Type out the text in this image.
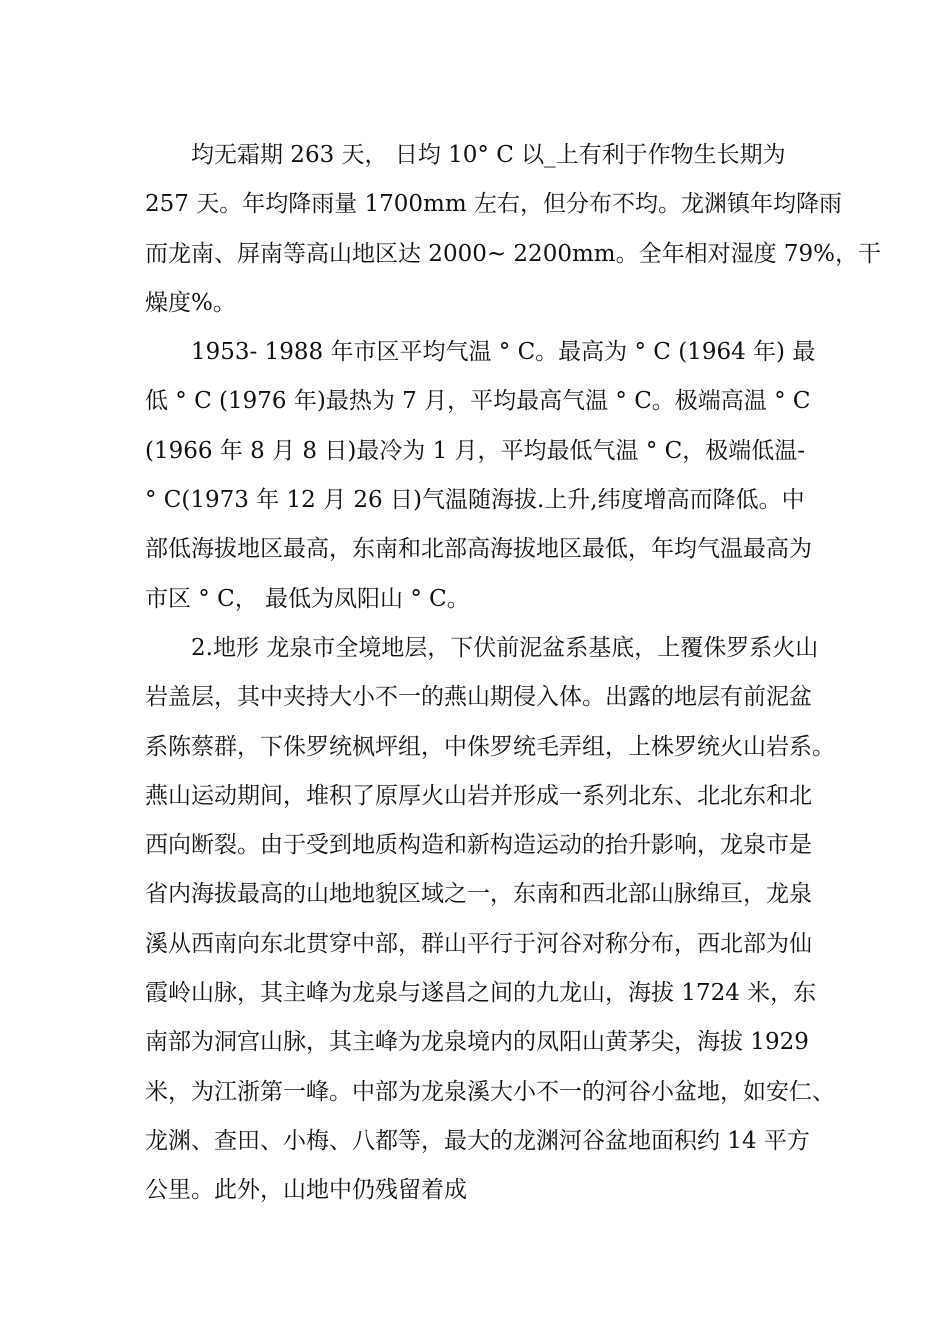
均无霜期 263 天， 日均 10° C 以_上有利于作物生长期为
257 天。年均降雨量 1700mm 左右，但分布不均。龙渊镇年均降雨
而龙南、屏南等高山地区达 2000~ 2200mm。全年相对湿度 79%，干
燥度%。
1953- 1988 年市区平均气温 ° C。最高为 ° C (1964 年) 最
低 ° C (1976 年)最热为 7 月，平均最高气温 ° C。极端高温 ° C
(1966 年 8 月 8 日)最冷为 1 月，平均最低气温 ° C，极端低温-
° C(1973 年 12 月 26 日)气温随海拔.上升,纬度增高而降低。中
部低海拔地区最高，东南和北部高海拔地区最低，年均气温最高为
市区 ° C， 最低为凤阳山 ° C。
2.地形 龙泉市全境地层，下伏前泥盆系基底，上覆侏罗系火山
岩盖层，其中夹持大小不一的燕山期侵入体。出露的地层有前泥盆
系陈蔡群，下侏罗统枫坪组，中侏罗统毛弄组，上株罗统火山岩系。
燕山运动期间，堆积了原厚火山岩并形成一系列北东、北北东和北
西向断裂。由于受到地质构造和新构造运动的抬升影响，龙泉市是
省内海拔最高的山地地貌区域之一，东南和西北部山脉绵亘，龙泉
溪从西南向东北贯穿中部，群山平行于河谷对称分布，西北部为仙
霞岭山脉，其主峰为龙泉与遂昌之间的九龙山，海拔 1724 米，东
南部为洞宫山脉，其主峰为龙泉境内的凤阳山黄茅尖，海拔 1929
米，为江浙第一峰。中部为龙泉溪大小不一的河谷小盆地，如安仁、
龙渊、查田、小梅、八都等，最大的龙渊河谷盆地面积约 14 平方
公里。此外，山地中仍残留着成
